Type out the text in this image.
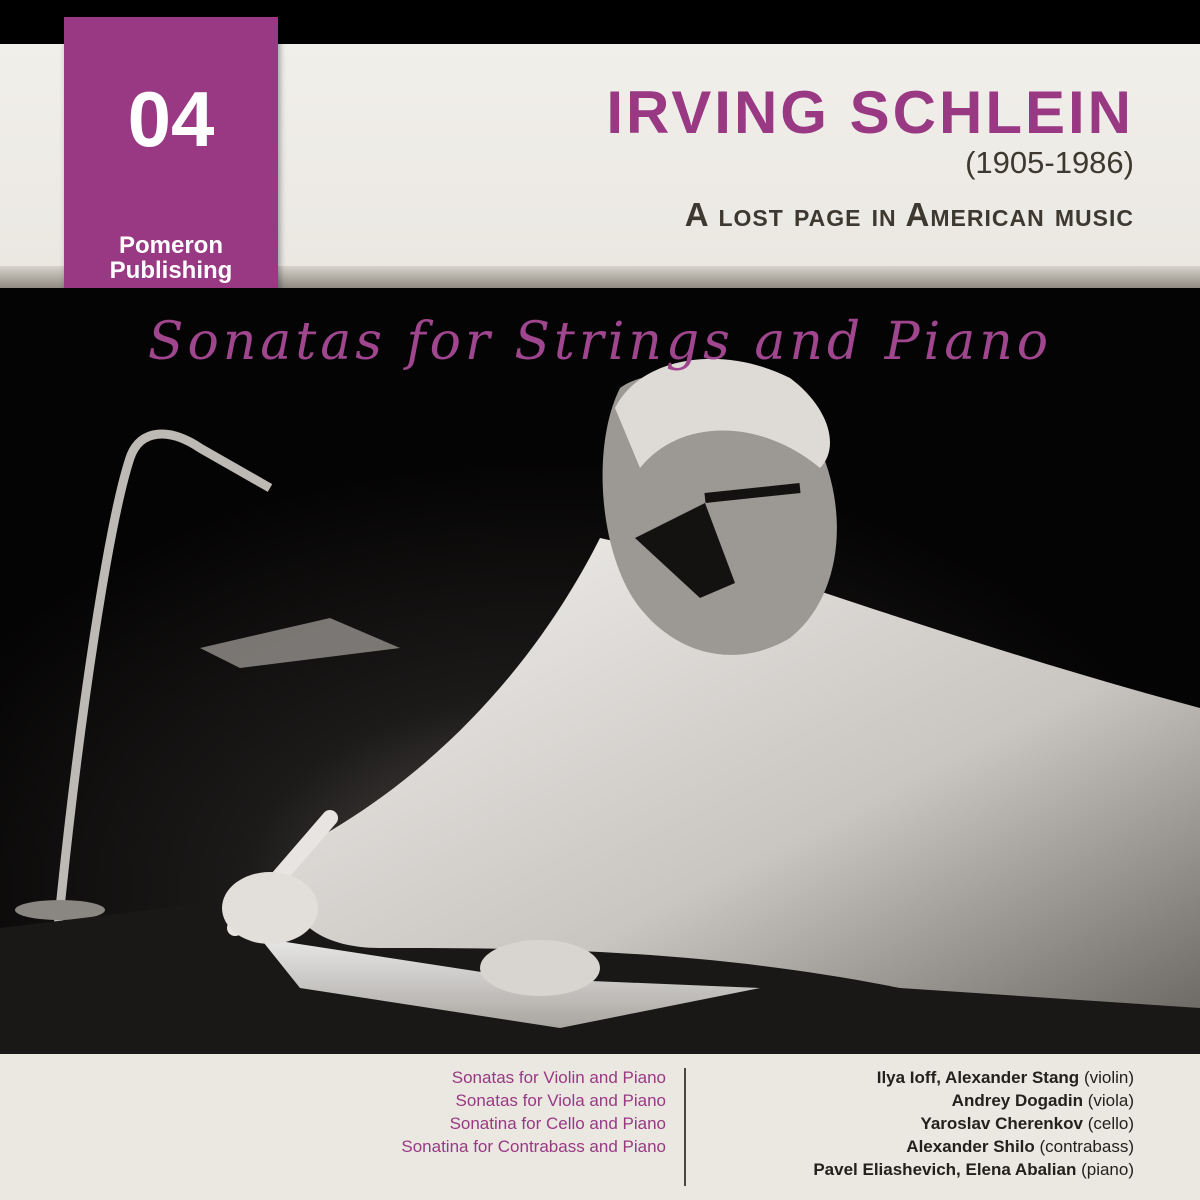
04
Pomeron
Publishing
IRVING SCHLEIN
(1905-1986)
A lost page in American music
Sonatas for Strings and Piano
Sonatas for Violin and Piano
Sonatas for Viola and Piano
Sonatina for Cello and Piano
Sonatina for Contrabass and Piano
Ilya Ioff, Alexander Stang (violin)
Andrey Dogadin (viola)
Yaroslav Cherenkov (cello)
Alexander Shilo (contrabass)
Pavel Eliashevich, Elena Abalian (piano)
